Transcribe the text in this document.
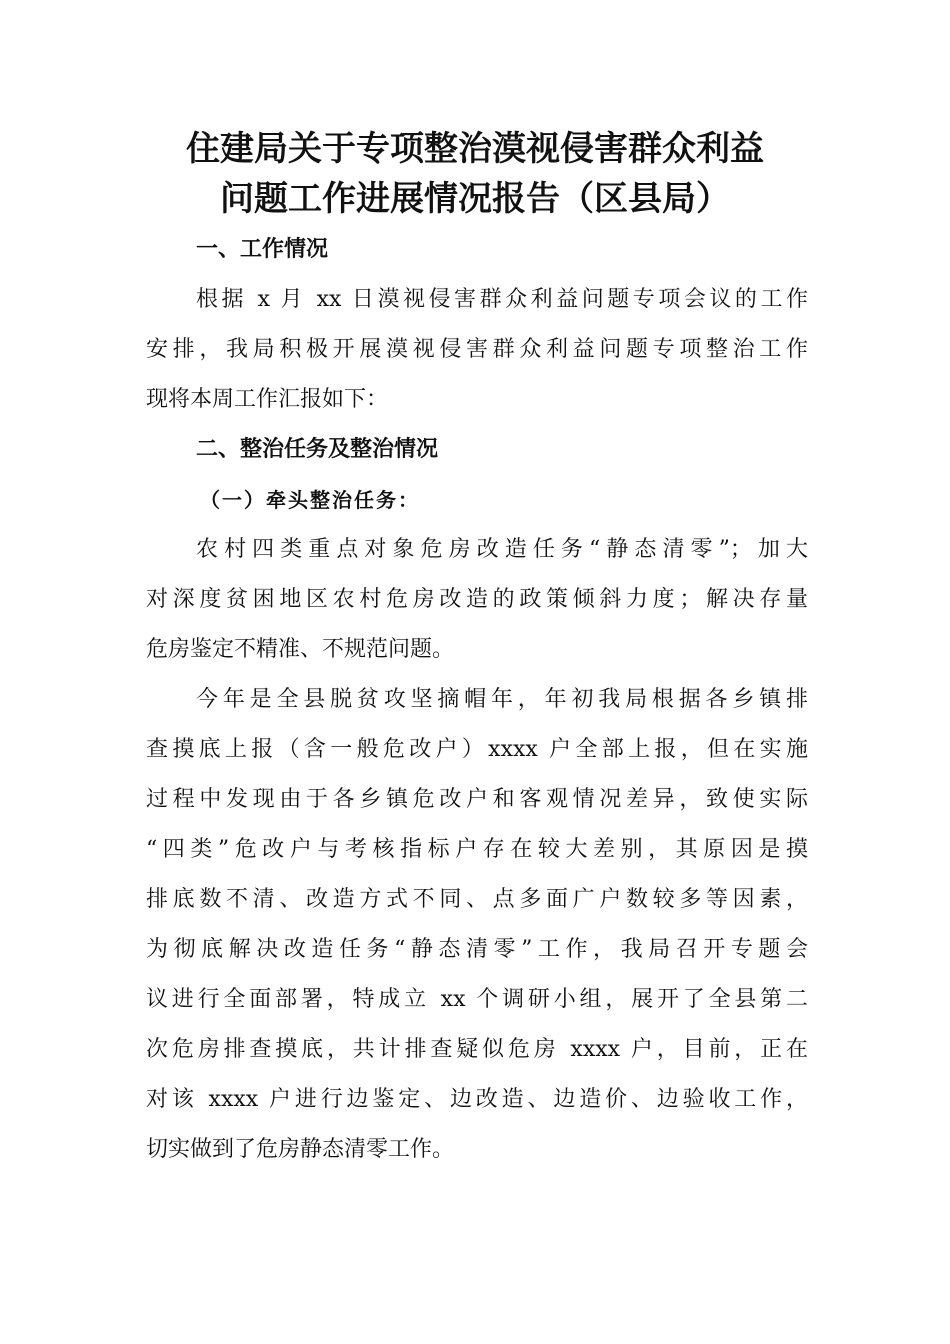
住建局关于专项整治漠视侵害群众利益
问题工作进展情况报告（区县局）
一、工作情况
根据 x 月 xx 日漠视侵害群众利益问题专项会议的工作
安排，我局积极开展漠视侵害群众利益问题专项整治工作
现将本周工作汇报如下：
二、整治任务及整治情况
（一）牵头整治任务：
农村四类重点对象危房改造任务“静态清零”；加大
对深度贫困地区农村危房改造的政策倾斜力度；解决存量
危房鉴定不精准、不规范问题。
今年是全县脱贫攻坚摘帽年，年初我局根据各乡镇排
查摸底上报（含一般危改户）xxxx 户全部上报，但在实施
过程中发现由于各乡镇危改户和客观情况差异，致使实际
“四类”危改户与考核指标户存在较大差别，其原因是摸
排底数不清、改造方式不同、点多面广户数较多等因素，
为彻底解决改造任务“静态清零”工作，我局召开专题会
议进行全面部署，特成立 xx 个调研小组，展开了全县第二
次危房排查摸底，共计排查疑似危房 xxxx 户，目前，正在
对该 xxxx 户进行边鉴定、边改造、边造价、边验收工作，
切实做到了危房静态清零工作。
